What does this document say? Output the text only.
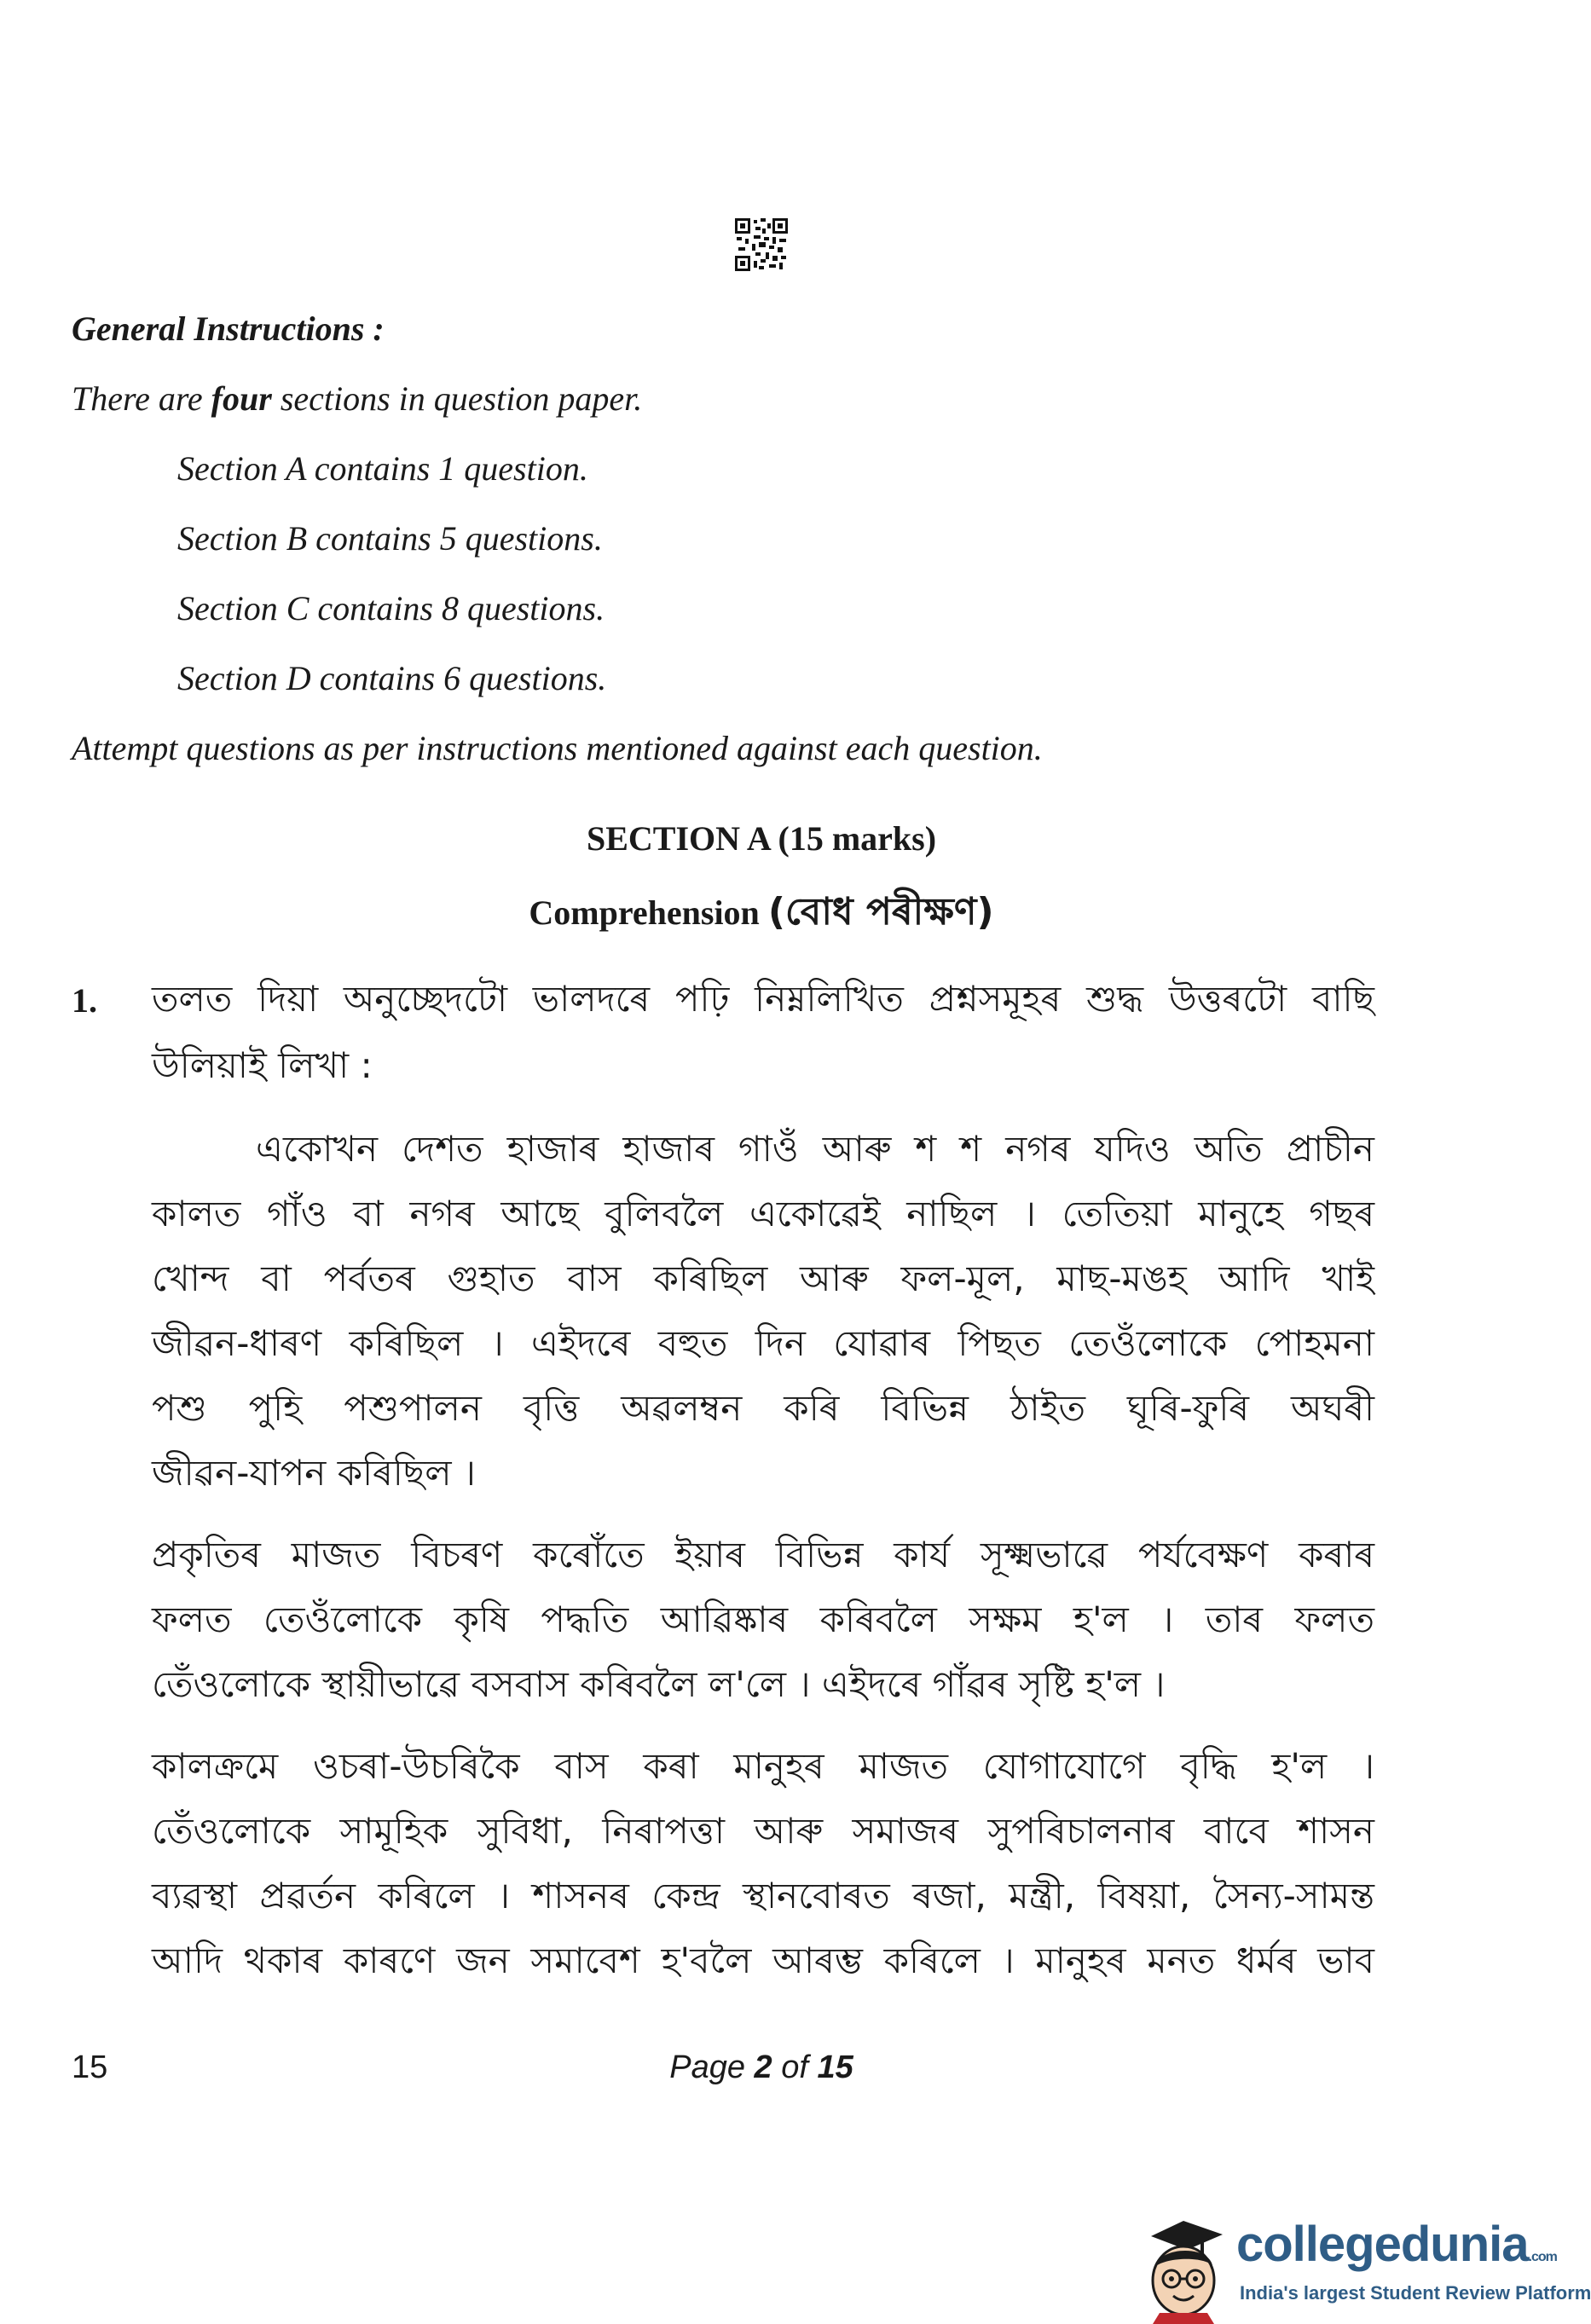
General Instructions :
There are four sections in question paper.
Section A contains 1 question.
Section B contains 5 questions.
Section C contains 8 questions.
Section D contains 6 questions.
Attempt questions as per instructions mentioned against each question.
SECTION A (15 marks)
Comprehension (বোধ পৰীক্ষণ)
1. তলত দিয়া অনুচ্ছেদটো ভালদৰে পঢ়ি নিম্নলিখিত প্ৰশ্নসমূহৰ শুদ্ধ উত্তৰটো বাছি
উলিয়াই লিখা :
একোখন দেশত হাজাৰ হাজাৰ গাওঁ আৰু শ শ নগৰ যদিও অতি প্ৰাচীন
কালত গাঁও বা নগৰ আছে বুলিবলৈ একোৱেই নাছিল । তেতিয়া মানুহে গছৰ
খোন্দ বা পৰ্বতৰ গুহাত বাস কৰিছিল আৰু ফল-মূল, মাছ-মঙহ আদি খাই
জীৱন-ধাৰণ কৰিছিল । এইদৰে বহুত দিন যোৱাৰ পিছত তেওঁলোকে পোহমনা
পশু পুহি পশুপালন বৃত্তি অৱলম্বন কৰি বিভিন্ন ঠাইত ঘূৰি-ফুৰি অঘৰী
জীৱন-যাপন কৰিছিল ।
প্ৰকৃতিৰ মাজত বিচৰণ কৰোঁতে ইয়াৰ বিভিন্ন কাৰ্য সূক্ষ্মভাৱে পৰ্যবেক্ষণ কৰাৰ
ফলত তেওঁলোকে কৃষি পদ্ধতি আৱিষ্কাৰ কৰিবলৈ সক্ষম হ'ল । তাৰ ফলত
তেঁওলোকে স্থায়ীভাৱে বসবাস কৰিবলৈ ল'লে । এইদৰে গাঁৱৰ সৃষ্টি হ'ল ।
কালক্ৰমে ওচৰা-উচৰিকৈ বাস কৰা মানুহৰ মাজত যোগাযোগে বৃদ্ধি হ'ল ।
তেঁওলোকে সামূহিক সুবিধা, নিৰাপত্তা আৰু সমাজৰ সুপৰিচালনাৰ বাবে শাসন
ব্যৱস্থা প্ৰৱৰ্তন কৰিলে । শাসনৰ কেন্দ্ৰ স্থানবোৰত ৰজা, মন্ত্ৰী, বিষয়া, সৈন্য-সামন্ত
আদি থকাৰ কাৰণে জন সমাবেশ হ'বলৈ আৰম্ভ কৰিলে । মানুহৰ মনত ধৰ্মৰ ভাব
15	Page 2 of 15
collegedunia.com
India's largest Student Review Platform
